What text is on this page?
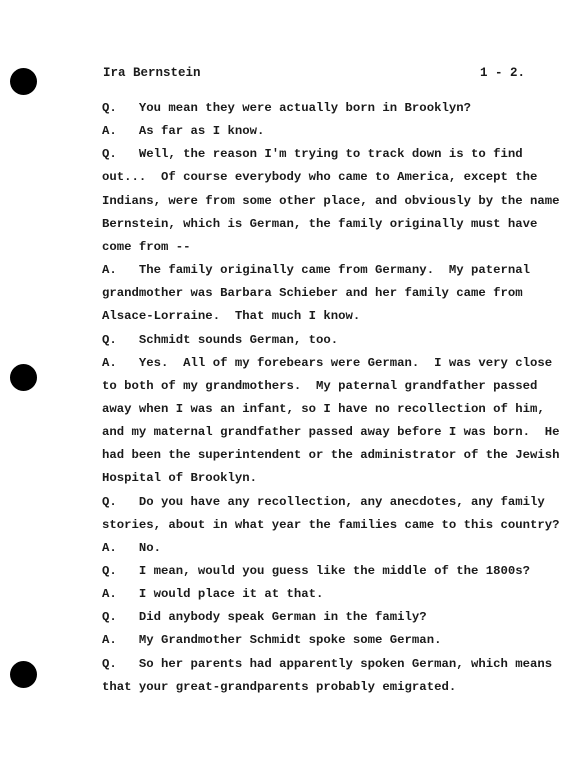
Ira Bernstein	1 - 2.
Q.   You mean they were actually born in Brooklyn?
A.   As far as I know.
Q.   Well, the reason I'm trying to track down is to find
out...  Of course everybody who came to America, except the
Indians, were from some other place, and obviously by the name
Bernstein, which is German, the family originally must have
come from --
A.   The family originally came from Germany.  My paternal
grandmother was Barbara Schieber and her family came from
Alsace-Lorraine.  That much I know.
Q.   Schmidt sounds German, too.
A.   Yes.  All of my forebears were German.  I was very close
to both of my grandmothers.  My paternal grandfather passed
away when I was an infant, so I have no recollection of him,
and my maternal grandfather passed away before I was born.  He
had been the superintendent or the administrator of the Jewish
Hospital of Brooklyn.
Q.   Do you have any recollection, any anecdotes, any family
stories, about in what year the families came to this country?
A.   No.
Q.   I mean, would you guess like the middle of the 1800s?
A.   I would place it at that.
Q.   Did anybody speak German in the family?
A.   My Grandmother Schmidt spoke some German.
Q.   So her parents had apparently spoken German, which means
that your great-grandparents probably emigrated.
